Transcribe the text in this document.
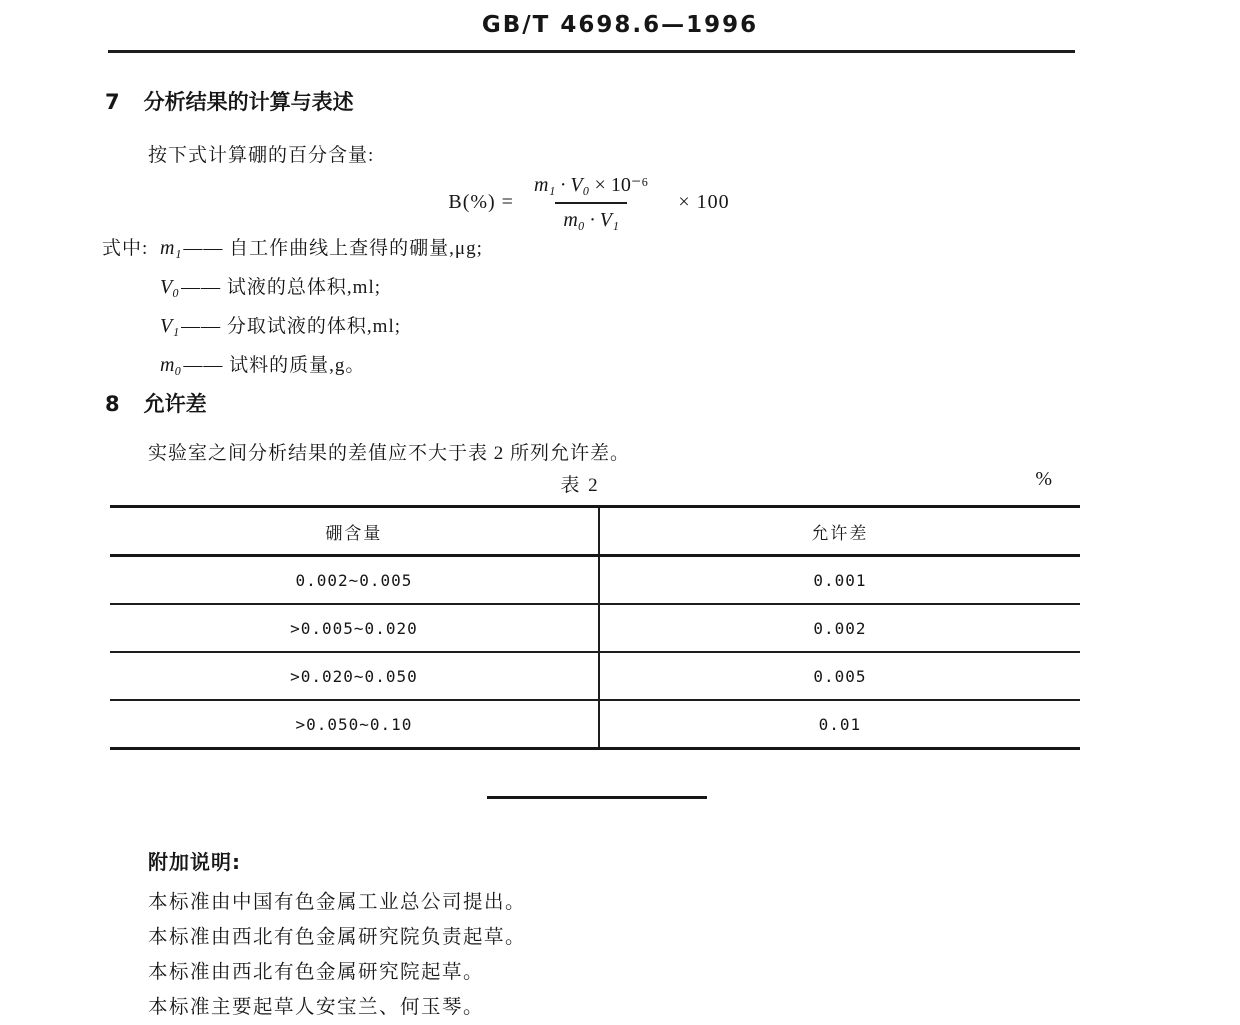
GB/T 4698.6—1996
7 分析结果的计算与表述
按下式计算硼的百分含量:
$B(\%) = \frac{\text{m₁ · V₀ × 10⁻⁶}}{\text{m₀ · V₁}} \times 100$
式中: m₁ —— 自工作曲线上查得的硼量,μg;
V₀ —— 试液的总体积,ml;
V₁ —— 分取试液的体积,ml;
m₀ —— 试料的质量,g。
8 允许差
实验室之间分析结果的差值应不大于表 2 所列允许差。
表 2	%
硼含量	允许差
0.002~0.005	0.001
>0.005~0.020	0.002
>0.020~0.050	0.005
>0.050~0.10	0.01
附加说明:
本标准由中国有色金属工业总公司提出。
本标准由西北有色金属研究院负责起草。
本标准由西北有色金属研究院起草。
本标准主要起草人安宝兰、何玉琴。
